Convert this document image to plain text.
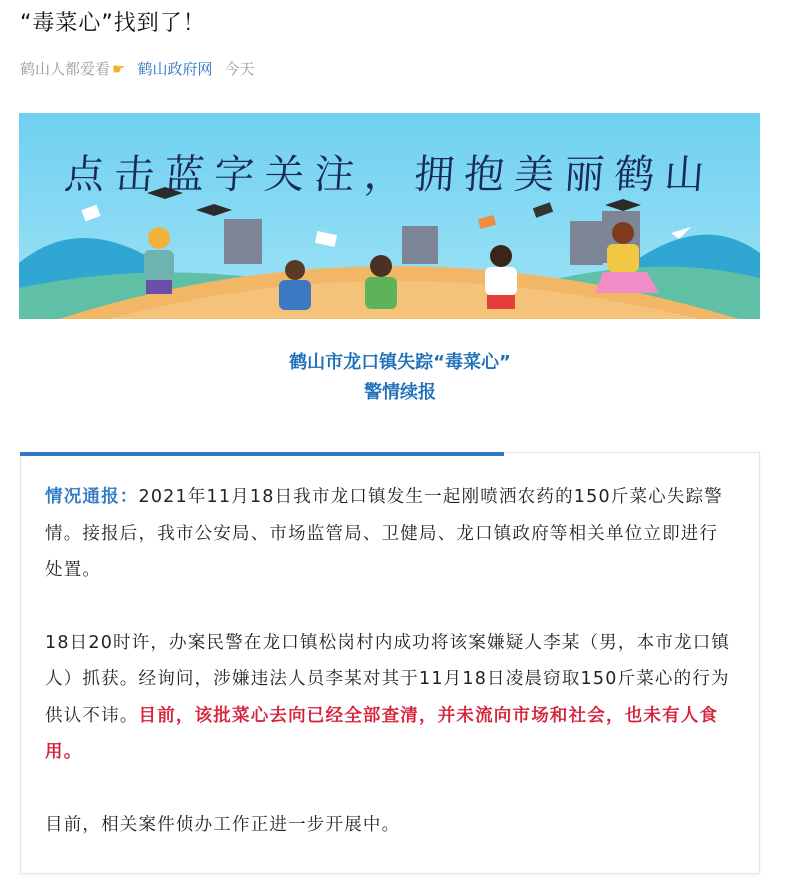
“毒菜心”找到了！
鹤山人都爱看 ☛ 鹤山政府网 今天
点击蓝字关注，拥抱美丽鹤山
鹤山市龙口镇失踪“毒菜心”
警情续报

情况通报：2021年11月18日我市龙口镇发生一起刚喷洒农药的150斤菜心失踪警情。接报后，我市公安局、市场监管局、卫健局、龙口镇政府等相关单位立即进行处置。

18日20时许，办案民警在龙口镇松岗村内成功将该案嫌疑人李某（男，本市龙口镇人）抓获。经询问，涉嫌违法人员李某对其于11月18日凌晨窃取150斤菜心的行为供认不讳。目前，该批菜心去向已经全部查清，并未流向市场和社会，也未有人食用。

目前，相关案件侦办工作正进一步开展中。
